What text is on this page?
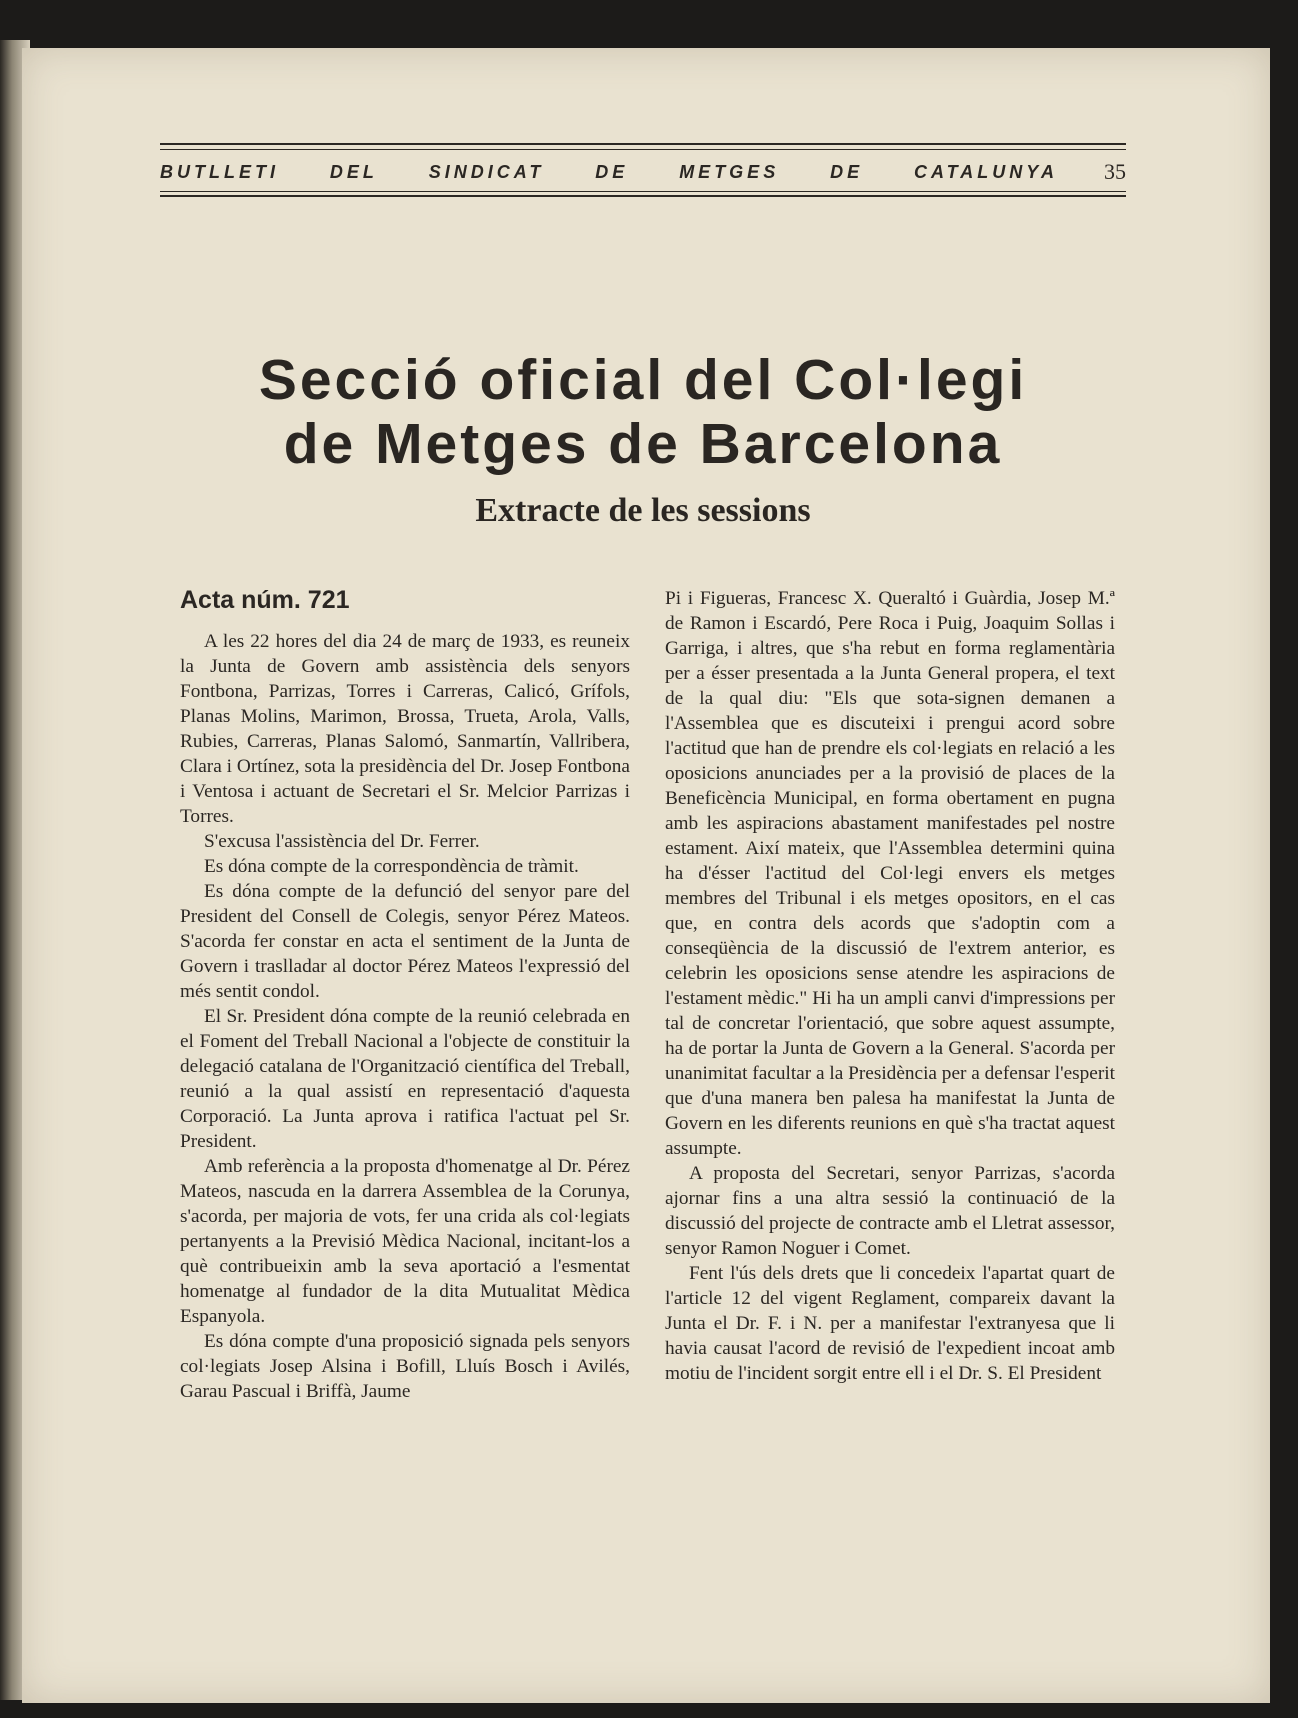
BUTLLETI	DEL	SINDICAT	DE	METGES	DE	CATALUNYA	35
Secció oficial del Col·legi
de Metges de Barcelona
Extracte de les sessions
Acta núm. 721

A les 22 hores del dia 24 de març de 1933, es reuneix la Junta de Govern amb assistència dels senyors Fontbona, Parrizas, Torres i Carreras, Calicó, Grífols, Planas Molins, Marimon, Brossa, Trueta, Arola, Valls, Rubies, Carreras, Planas Salomó, Sanmartín, Vallribera, Clara i Ortínez, sota la presidència del Dr. Josep Fontbona i Ventosa i actuant de Secretari el Sr. Melcior Parrizas i Torres.

S'excusa l'assistència del Dr. Ferrer.

Es dóna compte de la correspondència de tràmit.

Es dóna compte de la defunció del senyor pare del President del Consell de Colegis, senyor Pérez Mateos. S'acorda fer constar en acta el sentiment de la Junta de Govern i traslladar al doctor Pérez Mateos l'expressió del més sentit condol.

El Sr. President dóna compte de la reunió celebrada en el Foment del Treball Nacional a l'objecte de constituir la delegació catalana de l'Organització científica del Treball, reunió a la qual assistí en representació d'aquesta Corporació. La Junta aprova i ratifica l'actuat pel Sr. President.

Amb referència a la proposta d'homenatge al Dr. Pérez Mateos, nascuda en la darrera Assemblea de la Corunya, s'acorda, per majoria de vots, fer una crida als col·legiats pertanyents a la Previsió Mèdica Nacional, incitant-los a què contribueixin amb la seva aportació a l'esmentat homenatge al fundador de la dita Mutualitat Mèdica Espanyola.

Es dóna compte d'una proposició signada pels senyors col·legiats Josep Alsina i Bofill, Lluís Bosch i Avilés, Garau Pascual i Briffà, Jaume

Pi i Figueras, Francesc X. Queraltó i Guàrdia, Josep M.ª de Ramon i Escardó, Pere Roca i Puig, Joaquim Sollas i Garriga, i altres, que s'ha rebut en forma reglamentària per a ésser presentada a la Junta General propera, el text de la qual diu: "Els que sota-signen demanen a l'Assemblea que es discuteixi i prengui acord sobre l'actitud que han de prendre els col·legiats en relació a les oposicions anunciades per a la provisió de places de la Beneficència Municipal, en forma obertament en pugna amb les aspiracions abastament manifestades pel nostre estament. Així mateix, que l'Assemblea determini quina ha d'ésser l'actitud del Col·legi envers els metges membres del Tribunal i els metges opositors, en el cas que, en contra dels acords que s'adoptin com a conseqüència de la discussió de l'extrem anterior, es celebrin les oposicions sense atendre les aspiracions de l'estament mèdic." Hi ha un ampli canvi d'impressions per tal de concretar l'orientació, que sobre aquest assumpte, ha de portar la Junta de Govern a la General. S'acorda per unanimitat facultar a la Presidència per a defensar l'esperit que d'una manera ben palesa ha manifestat la Junta de Govern en les diferents reunions en què s'ha tractat aquest assumpte.

A proposta del Secretari, senyor Parrizas, s'acorda ajornar fins a una altra sessió la continuació de la discussió del projecte de contracte amb el Lletrat assessor, senyor Ramon Noguer i Comet.

Fent l'ús dels drets que li concedeix l'apartat quart de l'article 12 del vigent Reglament, compareix davant la Junta el Dr. F. i N. per a manifestar l'extranyesa que li havia causat l'acord de revisió de l'expedient incoat amb motiu de l'incident sorgit entre ell i el Dr. S. El President
